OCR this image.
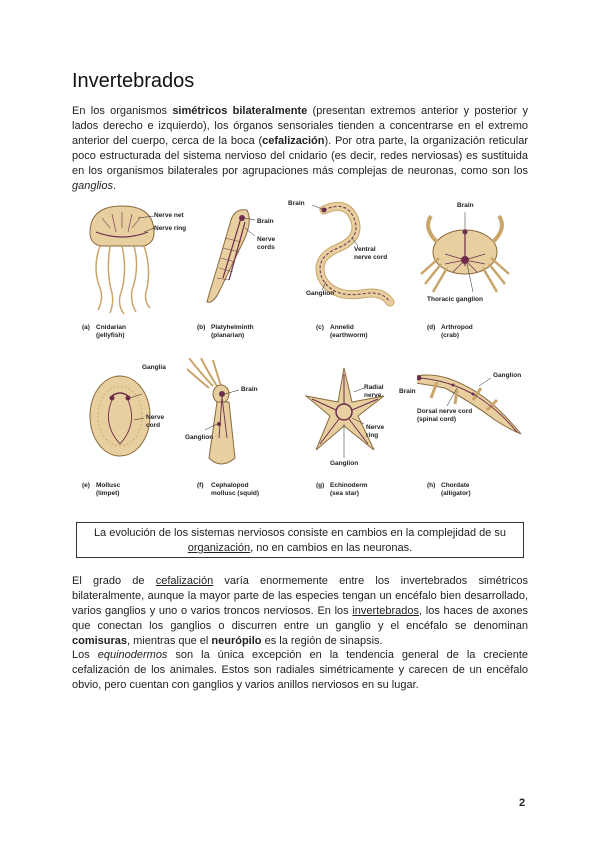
Invertebrados

En los organismos simétricos bilateralmente (presentan extremos anterior y posterior y lados derecho e izquierdo), los órganos sensoriales tienden a concentrarse en el extremo anterior del cuerpo, cerca de la boca (cefalización). Por otra parte, la organización reticular poco estructurada del sistema nervioso del cnidario (es decir, redes nerviosas) es sustituida en los organismos bilaterales por agrupaciones más complejas de neuronas, como son los ganglios.

Nerve net
Nerve ring
(a) Cnidarian
(jellyfish)
Brain
Nerve
cords
(b) Platyhelminth
(planarian)
Brain
Ventral
nerve cord
Ganglion
(c) Annelid
(earthworm)
Brain
Thoracic ganglion
(d) Arthropod
(crab)
Ganglia
Nerve
cord
(e) Mollusc
(limpet)
Brain
Ganglion
(f) Cephalopod
mollusc (squid)
Radial
nerve
Nerve
ring
Ganglion
(g) Echinoderm
(sea star)
Ganglion
Brain
Dorsal nerve cord
(spinal cord)
(h) Chordate
(alligator)
La evolución de los sistemas nerviosos consiste en cambios en la complejidad de su organización, no en cambios en las neuronas.

El grado de cefalización varía enormemente entre los invertebrados simétricos bilateralmente, aunque la mayor parte de las especies tengan un encéfalo bien desarrollado, varios ganglios y uno o varios troncos nerviosos. En los invertebrados, los haces de axones que conectan los ganglios o discurren entre un ganglio y el encéfalo se denominan comisuras, mientras que el neurópilo es la región de sinapsis.

Los equinodermos son la única excepción en la tendencia general de la creciente cefalización de los animales. Estos son radiales simétricamente y carecen de un encéfalo obvio, pero cuentan con ganglios y varios anillos nerviosos en su lugar.

2
